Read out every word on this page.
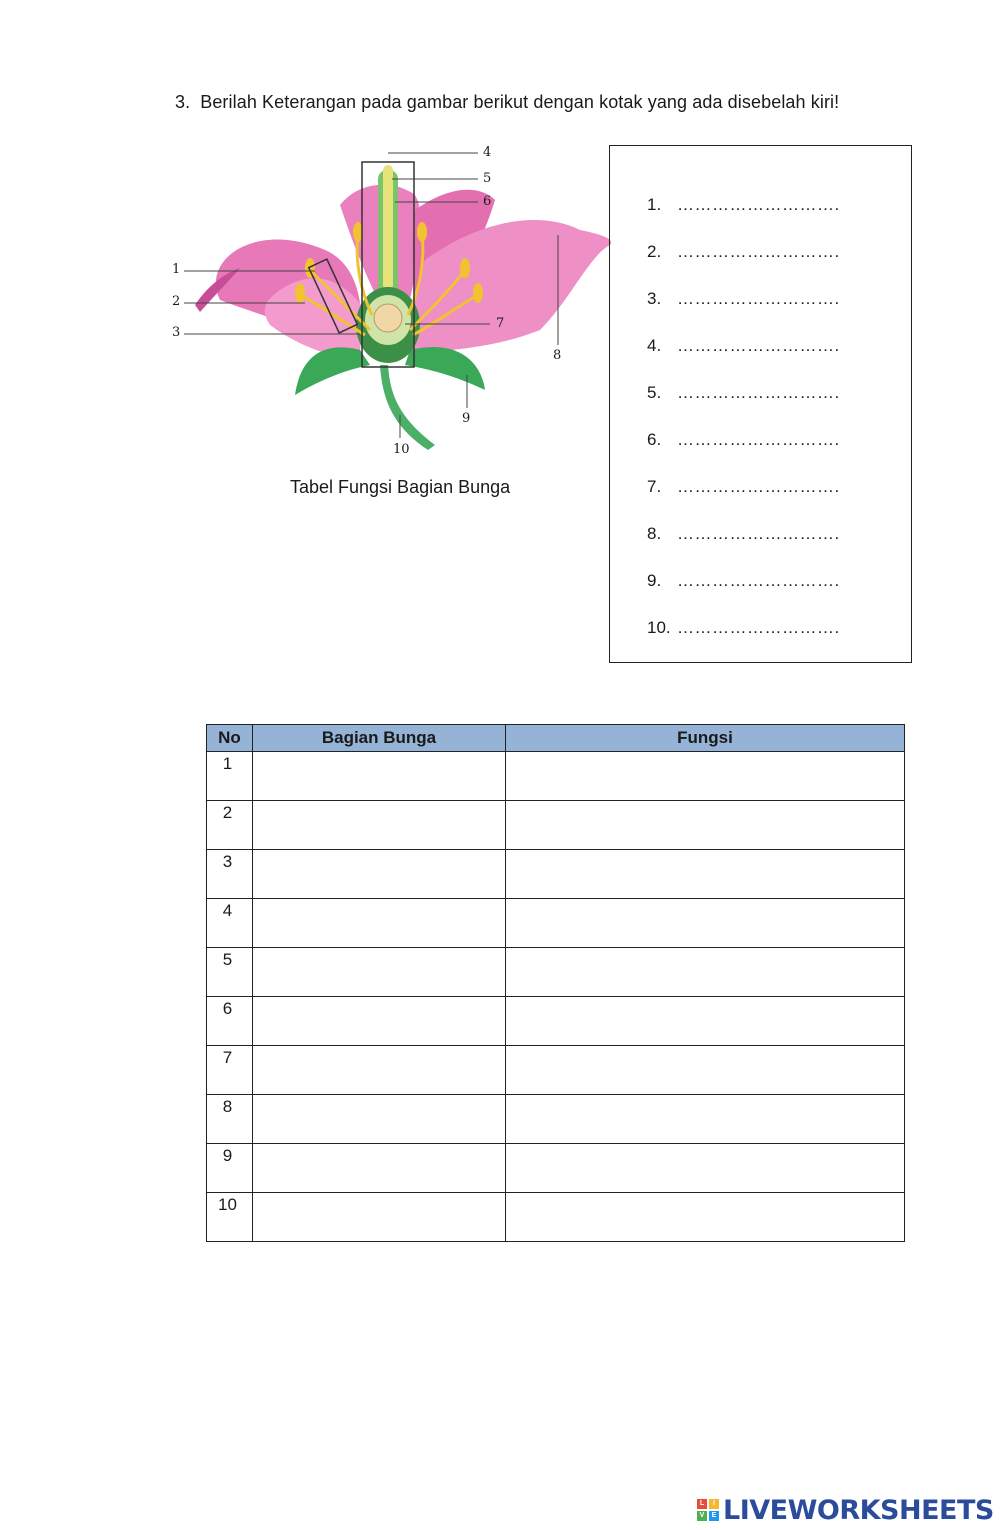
3. Berilah Keterangan pada gambar berikut dengan kotak yang ada disebelah kiri!
1
2
3
4
5
6
7
8
9
10
Tabel Fungsi Bagian Bunga
1. ……………………….
2. ……………………….
3. ……………………….
4. ……………………….
5. ……………………….
6. ……………………….
7. ……………………….
8. ……………………….
9. ……………………….
10. ……………………….
No	Bagian Bunga	Fungsi
1		
2		
3		
4		
5		
6		
7		
8		
9		
10		
L	I
V	E LIVEWORKSHEETS
